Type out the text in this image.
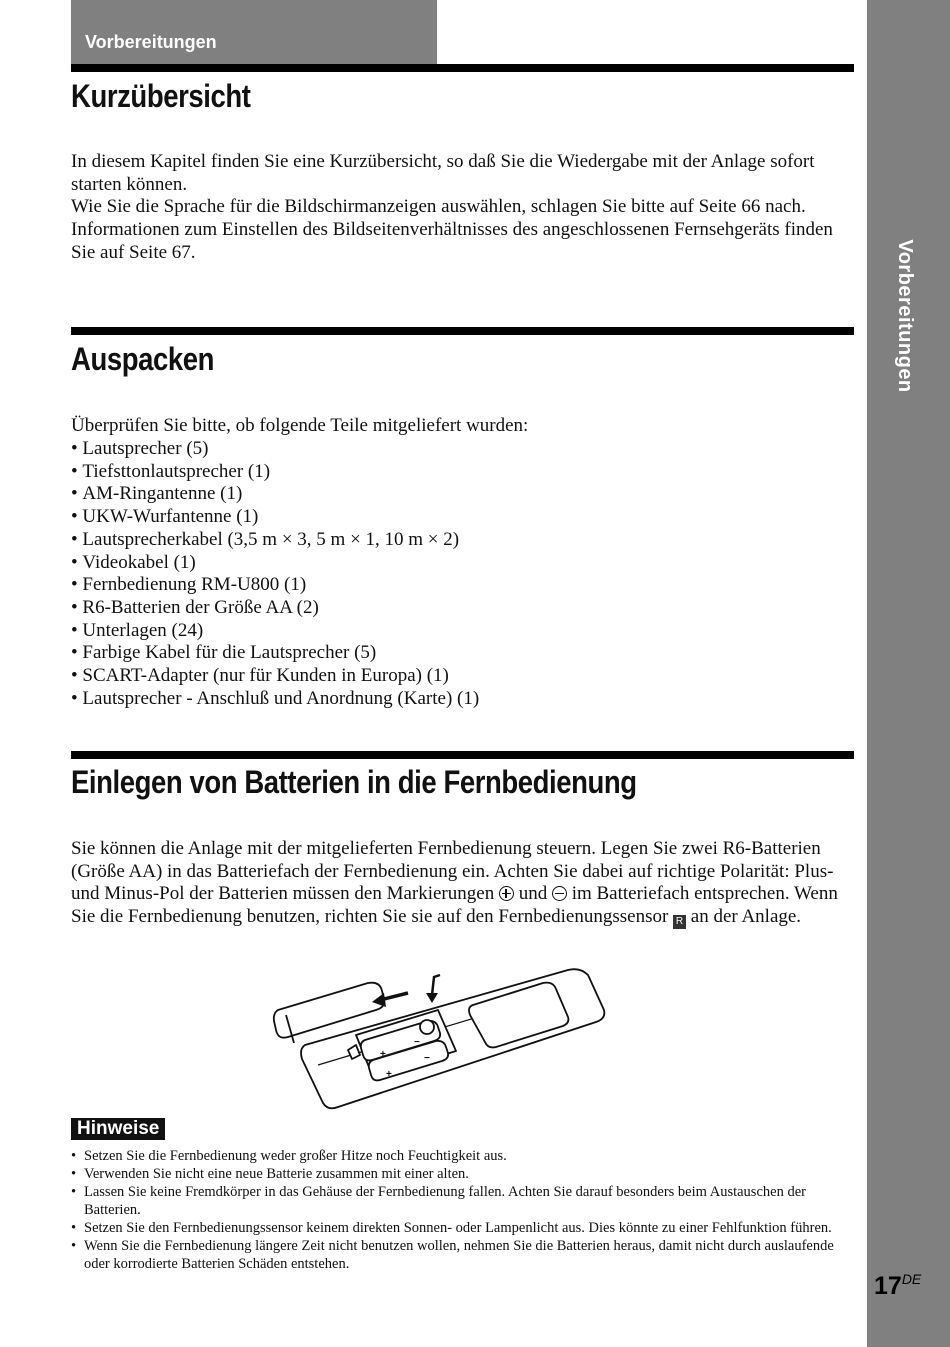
Vorbereitungen
Vorbereitungen
Kurzübersicht

In diesem Kapitel finden Sie eine Kurzübersicht, so daß Sie die Wiedergabe mit der Anlage sofort starten können.

Wie Sie die Sprache für die Bildschirmanzeigen auswählen, schlagen Sie bitte auf Seite 66 nach.

Informationen zum Einstellen des Bildseitenverhältnisses des angeschlossenen Fernsehgeräts finden Sie auf Seite 67.

Auspacken
Überprüfen Sie bitte, ob folgende Teile mitgeliefert wurden:
• Lautsprecher (5)
• Tiefsttonlautsprecher (1)
• AM-Ringantenne (1)
• UKW-Wurfantenne (1)
• Lautsprecherkabel (3,5 m × 3, 5 m × 1, 10 m × 2)
• Videokabel (1)
• Fernbedienung RM-U800 (1)
• R6-Batterien der Größe AA (2)
• Unterlagen (24)
• Farbige Kabel für die Lautsprecher (5)
• SCART-Adapter (nur für Kunden in Europa) (1)
• Lautsprecher - Anschluß und Anordnung (Karte) (1)
Einlegen von Batterien in die Fernbedienung
Sie können die Anlage mit der mitgelieferten Fernbedienung steuern. Legen Sie zwei R6-Batterien (Größe AA) in das Batteriefach der Fernbedienung ein. Achten Sie dabei auf richtige Polarität: Plus- und Minus-Pol der Batterien müssen den Markierungen und im Batteriefach entsprechen. Wenn Sie die Fernbedienung benutzen, richten Sie sie auf den Fernbedienungssensor R an der Anlage.
+
−
+
−
Hinweise
• Setzen Sie die Fernbedienung weder großer Hitze noch Feuchtigkeit aus.
• Verwenden Sie nicht eine neue Batterie zusammen mit einer alten.
• Lassen Sie keine Fremdkörper in das Gehäuse der Fernbedienung fallen. Achten Sie darauf besonders beim Austauschen der Batterien.
• Setzen Sie den Fernbedienungssensor keinem direkten Sonnen- oder Lampenlicht aus. Dies könnte zu einer Fehlfunktion führen.
• Wenn Sie die Fernbedienung längere Zeit nicht benutzen wollen, nehmen Sie die Batterien heraus, damit nicht durch auslaufende oder korrodierte Batterien Schäden entstehen.
17DE
